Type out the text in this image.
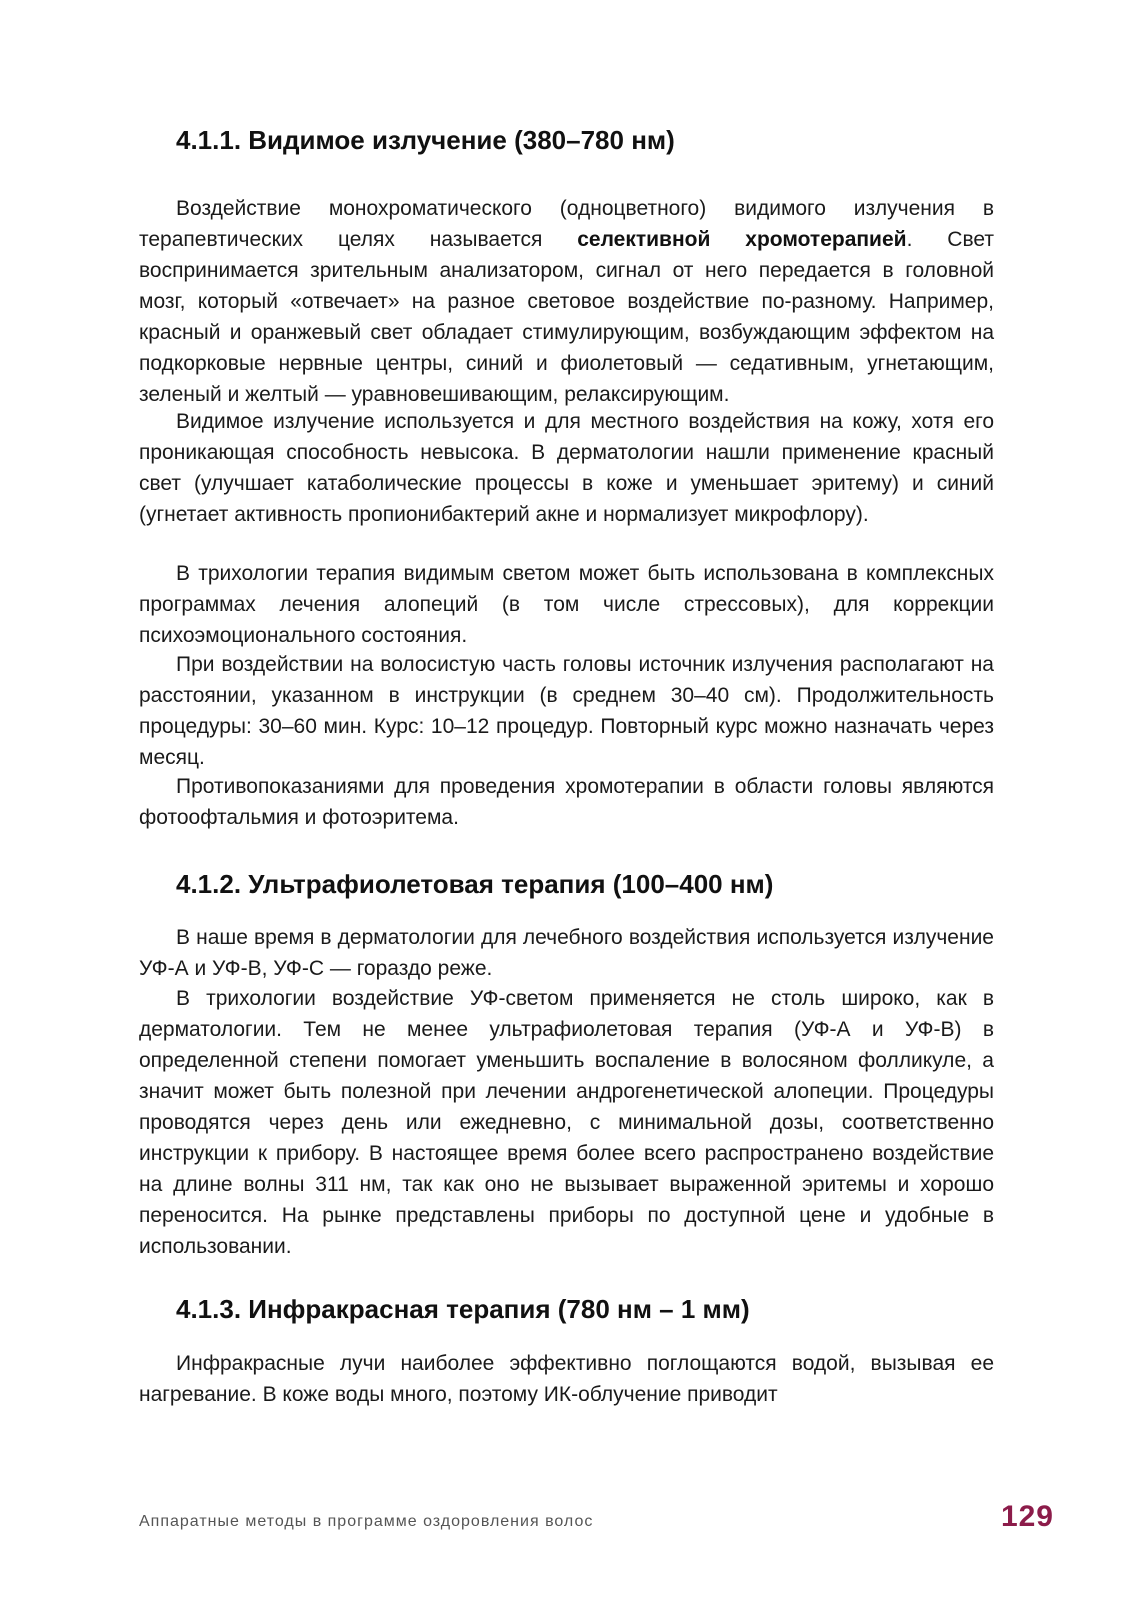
4.1.1. Видимое излучение (380–780 нм)

Воздействие монохроматического (одноцветного) видимого излучения в терапевтических целях называется селективной хромотерапией. Свет воспринимается зрительным анализатором, сигнал от него передается в головной мозг, который «отвечает» на разное световое воздействие по-разному. Например, красный и оранжевый свет обладает стимулирующим, возбуждающим эффектом на подкорковые нервные центры, синий и фиолетовый — седативным, угнетающим, зеленый и желтый — уравновешивающим, релаксирующим.

Видимое излучение используется и для местного воздействия на кожу, хотя его проникающая способность невысока. В дерматологии нашли применение красный свет (улучшает катаболические процессы в коже и уменьшает эритему) и синий (угнетает активность пропионибактерий акне и нормализует микрофлору).

В трихологии терапия видимым светом может быть использована в комплексных программах лечения алопеций (в том числе стрессовых), для коррекции психоэмоционального состояния.

При воздействии на волосистую часть головы источник излучения располагают на расстоянии, указанном в инструкции (в среднем 30–40 см). Продолжительность процедуры: 30–60 мин. Курс: 10–12 процедур. Повторный курс можно назначать через месяц.

Противопоказаниями для проведения хромотерапии в области головы являются фотоофтальмия и фотоэритема.

4.1.2. Ультрафиолетовая терапия (100–400 нм)

В наше время в дерматологии для лечебного воздействия используется излучение УФ-А и УФ-В, УФ-С — гораздо реже.

В трихологии воздействие УФ-светом применяется не столь широко, как в дерматологии. Тем не менее ультрафиолетовая терапия (УФ-А и УФ-В) в определенной степени помогает уменьшить воспаление в волосяном фолликуле, а значит может быть полезной при лечении андрогенетической алопеции. Процедуры проводятся через день или ежедневно, с минимальной дозы, соответственно инструкции к прибору. В настоящее время более всего распространено воздействие на длине волны 311 нм, так как оно не вызывает выраженной эритемы и хорошо переносится. На рынке представлены приборы по доступной цене и удобные в использовании.

4.1.3. Инфракрасная терапия (780 нм – 1 мм)

Инфракрасные лучи наиболее эффективно поглощаются водой, вызывая ее нагревание. В коже воды много, поэтому ИК-облучение приводит

Аппаратные методы в программе оздоровления волос	129
